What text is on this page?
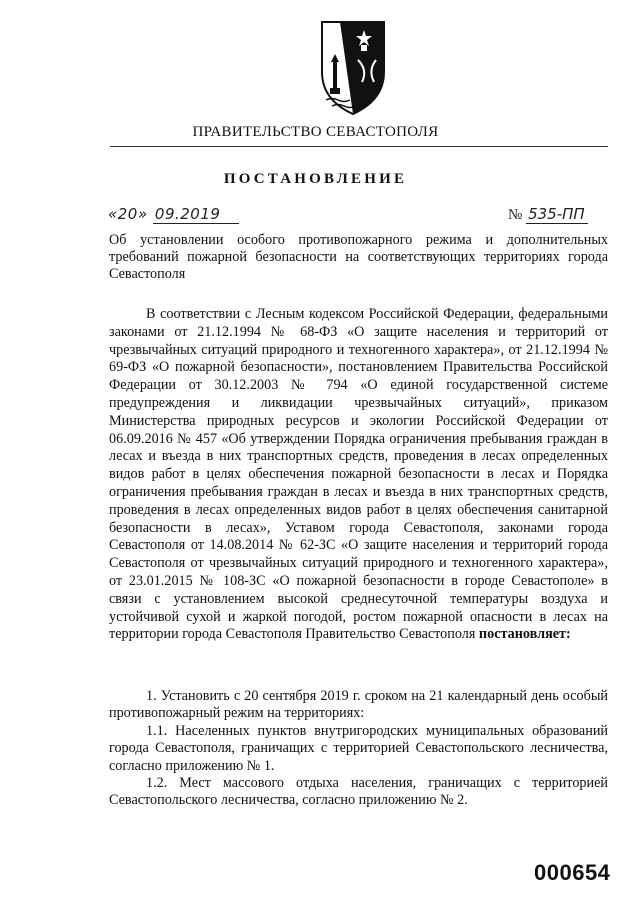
ПРАВИТЕЛЬСТВО СЕВАСТОПОЛЯ
ПОСТАНОВЛЕНИЕ
«20» 09.2019	№ 535-ПП
Об установлении особого противопожарного режима и дополнительных требований пожарной безопасности на соответствующих территориях города Севастополя

В соответствии с Лесным кодексом Российской Федерации, федеральными законами от 21.12.1994 № 68-ФЗ «О защите населения и территорий от чрезвычайных ситуаций природного и техногенного характера», от 21.12.1994 № 69-ФЗ «О пожарной безопасности», постановлением Правительства Российской Федерации от 30.12.2003 № 794 «О единой государственной системе предупреждения и ликвидации чрезвычайных ситуаций», приказом Министерства природных ресурсов и экологии Российской Федерации от 06.09.2016 № 457 «Об утверждении Порядка ограничения пребывания граждан в лесах и въезда в них транспортных средств, проведения в лесах определенных видов работ в целях обеспечения пожарной безопасности в лесах и Порядка ограничения пребывания граждан в лесах и въезда в них транспортных средств, проведения в лесах определенных видов работ в целях обеспечения санитарной безопасности в лесах», Уставом города Севастополя, законами города Севастополя от 14.08.2014 № 62-ЗС «О защите населения и территорий города Севастополя от чрезвычайных ситуаций природного и техногенного характера», от 23.01.2015 № 108-ЗС «О пожарной безопасности в городе Севастополе» в связи с установлением высокой среднесуточной температуры воздуха и устойчивой сухой и жаркой погодой, ростом пожарной опасности в лесах на территории города Севастополя Правительство Севастополя постановляет:

1. Установить с 20 сентября 2019 г. сроком на 21 календарный день особый противопожарный режим на территориях:

1.1. Населенных пунктов внутригородских муниципальных образований города Севастополя, граничащих с территорией Севастопольского лесничества, согласно приложению № 1.

1.2. Мест массового отдыха населения, граничащих с территорией Севастопольского лесничества, согласно приложению № 2.

000654
